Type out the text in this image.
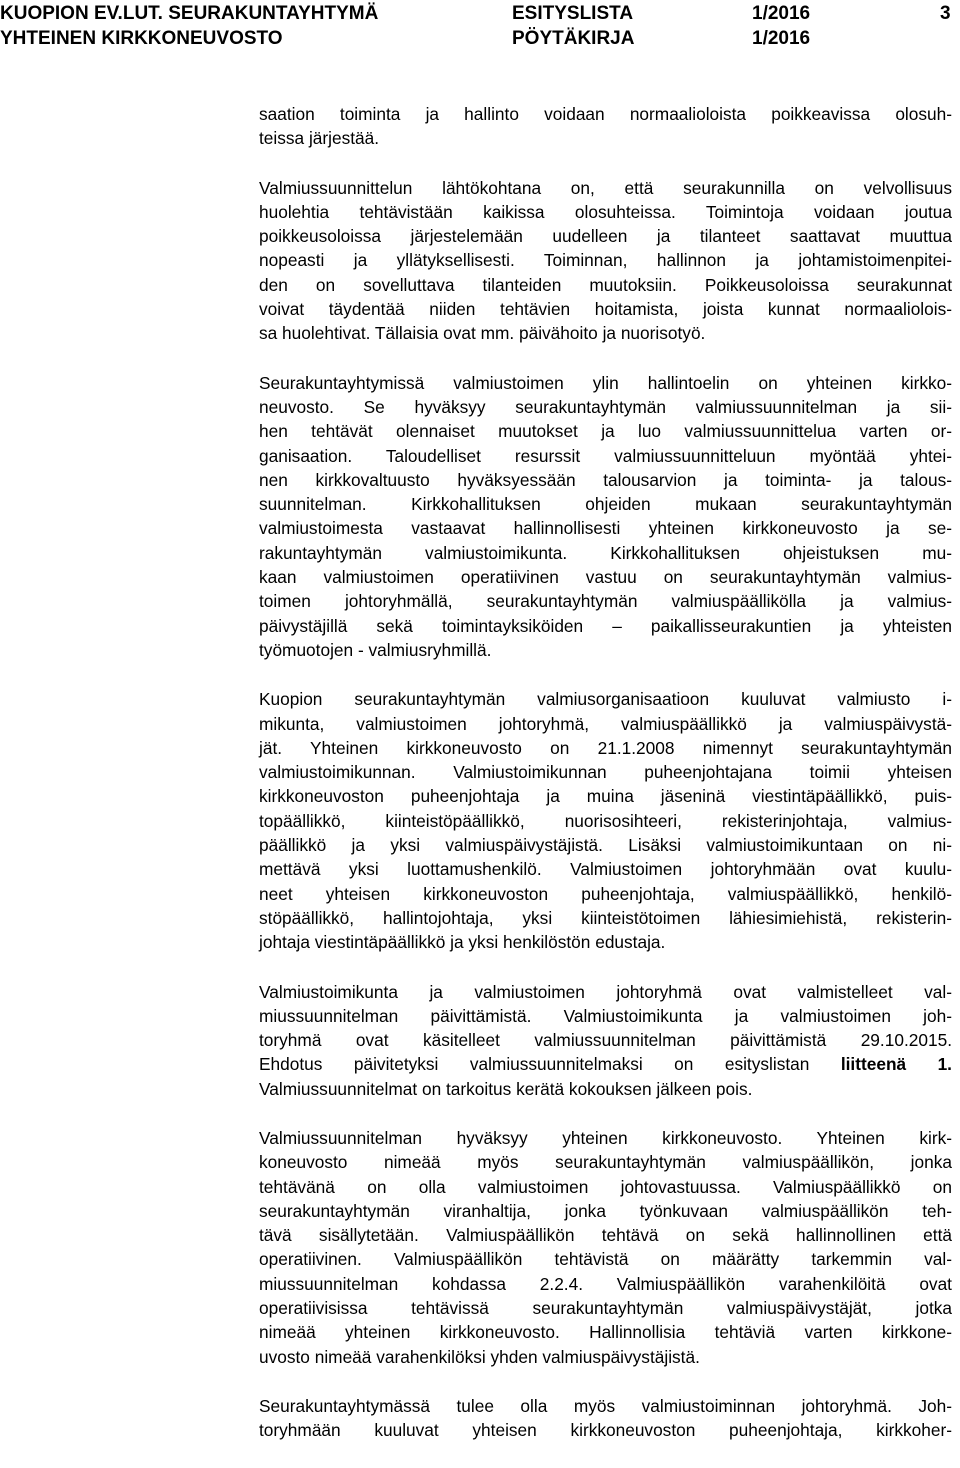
KUOPION EV.LUT. SEURAKUNTAYHTYMÄ
YHTEINEN KIRKKONEUVOSTO
ESITYSLISTA
PÖYTÄKIRJA
1/2016
1/2016
3

saation toiminta ja hallinto voidaan normaalioloista poikkeavissa olosuh-
teissa järjestää.

Valmiussuunnittelun lähtökohtana on, että seurakunnilla on velvollisuus
huolehtia tehtävistään kaikissa olosuhteissa. Toimintoja voidaan joutua
poikkeusoloissa järjestelemään uudelleen ja tilanteet saattavat muuttua
nopeasti ja yllätyksellisesti. Toiminnan, hallinnon ja johtamistoimenpitei-
den on sovelluttava tilanteiden muutoksiin. Poikkeusoloissa seurakunnat
voivat täydentää niiden tehtävien hoitamista, joista kunnat normaaliolois-
sa huolehtivat. Tällaisia ovat mm. päivähoito ja nuorisotyö.

Seurakuntayhtymissä valmiustoimen ylin hallintoelin on yhteinen kirkko-
neuvosto. Se hyväksyy seurakuntayhtymän valmiussuunnitelman ja sii-
hen tehtävät olennaiset muutokset ja luo valmiussuunnittelua varten or-
ganisaation. Taloudelliset resurssit valmiussuunnitteluun myöntää yhtei-
nen kirkkovaltuusto hyväksyessään talousarvion ja toiminta- ja talous-
suunnitelman. Kirkkohallituksen ohjeiden mukaan seurakuntayhtymän
valmiustoimesta vastaavat hallinnollisesti yhteinen kirkkoneuvosto ja se-
rakuntayhtymän valmiustoimikunta. Kirkkohallituksen ohjeistuksen mu-
kaan valmiustoimen operatiivinen vastuu on seurakuntayhtymän valmius-
toimen johtoryhmällä, seurakuntayhtymän valmiuspäällikölla ja valmius-
päivystäjillä sekä toimintayksiköiden – paikallisseurakuntien ja yhteisten
työmuotojen - valmiusryhmillä.

Kuopion seurakuntayhtymän valmiusorganisaatioon kuuluvat valmiusto i-
mikunta, valmiustoimen johtoryhmä, valmiuspäällikkö ja valmiuspäivystä-
jät. Yhteinen kirkkoneuvosto on 21.1.2008 nimennyt seurakuntayhtymän
valmiustoimikunnan. Valmiustoimikunnan puheenjohtajana toimii yhteisen
kirkkoneuvoston puheenjohtaja ja muina jäseninä viestintäpäällikkö, puis-
topäällikkö, kiinteistöpäällikkö, nuorisosihteeri, rekisterinjohtaja, valmius-
päällikkö ja yksi valmiuspäivystäjistä. Lisäksi valmiustoimikuntaan on ni-
mettävä yksi luottamushenkilö. Valmiustoimen johtoryhmään ovat kuulu-
neet yhteisen kirkkoneuvoston puheenjohtaja, valmiuspäällikkö, henkilö-
stöpäällikkö, hallintojohtaja, yksi kiinteistötoimen lähiesimiehistä, rekisterin-
johtaja viestintäpäällikkö ja yksi henkilöstön edustaja.

Valmiustoimikunta ja valmiustoimen johtoryhmä ovat valmistelleet val-
miussuunnitelman päivittämistä. Valmiustoimikunta ja valmiustoimen joh-
toryhmä ovat käsitelleet valmiussuunnitelman päivittämistä 29.10.2015.
Ehdotus päivitetyksi valmiussuunnitelmaksi on esityslistan liitteenä 1.
Valmiussuunnitelmat on tarkoitus kerätä kokouksen jälkeen pois.

Valmiussuunnitelman hyväksyy yhteinen kirkkoneuvosto. Yhteinen kirk-
koneuvosto nimeää myös seurakuntayhtymän valmiuspäällikön, jonka
tehtävänä on olla valmiustoimen johtovastuussa. Valmiuspäällikkö on
seurakuntayhtymän viranhaltija, jonka työnkuvaan valmiuspäällikön teh-
tävä sisällytetään. Valmiuspäällikön tehtävä on sekä hallinnollinen että
operatiivinen. Valmiuspäällikön tehtävistä on määrätty tarkemmin val-
miussuunnitelman kohdassa 2.2.4. Valmiuspäällikön varahenkilöitä ovat
operatiivisissa tehtävissä seurakuntayhtymän valmiuspäivystäjät, jotka
nimeää yhteinen kirkkoneuvosto. Hallinnollisia tehtäviä varten kirkkone-
uvosto nimeää varahenkilöksi yhden valmiuspäivystäjistä.

Seurakuntayhtymässä tulee olla myös valmiustoiminnan johtoryhmä. Joh-
toryhmään kuuluvat yhteisen kirkkoneuvoston puheenjohtaja, kirkkoher-
